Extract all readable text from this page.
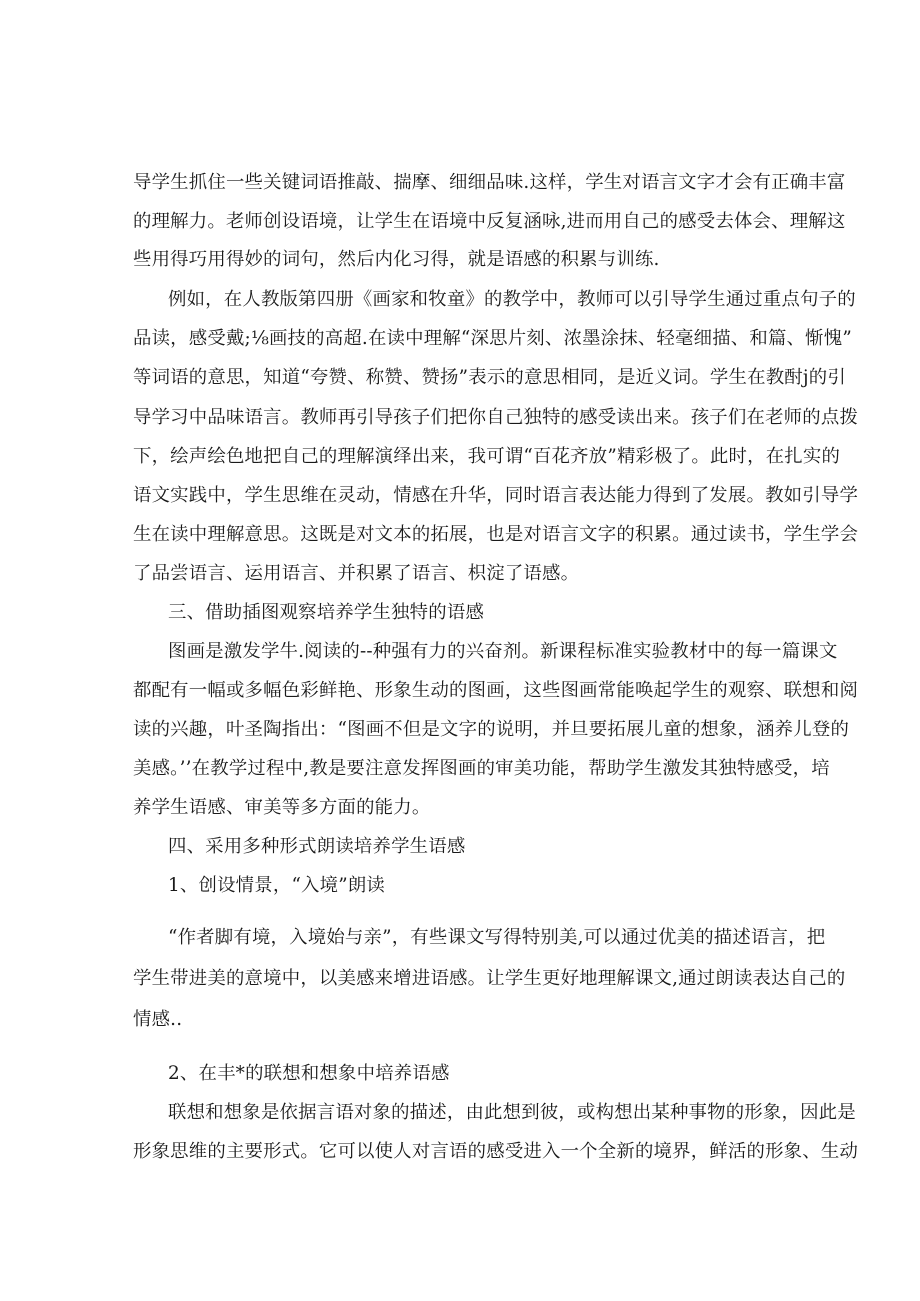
导学生抓住一些关键词语推敲、揣摩、细细品味.这样，学生对语言文字才会有正确丰富
的理解力。老师创设语境，让学生在语境中反复涵咏,进而用自己的感受去体会、理解这
些用得巧用得妙的词句，然后内化习得，就是语感的积累与训练.
例如，在人教版第四册《画家和牧童》的教学中，教师可以引导学生通过重点句子的
品读，感受戴;⅛画技的高超.在读中理解“深思片刻、浓墨涂抹、轻毫细描、和篇、惭愧”
等词语的意思，知道“夸赞、称赞、赞扬”表示的意思相同，是近义词。学生在教酎j的引
导学习中品味语言。教师再引导孩子们把你自己独特的感受读出来。孩子们在老师的点拨
下，绘声绘色地把自己的理解演绎出来，我可谓“百花齐放”精彩极了。此时，在扎实的
语文实践中，学生思维在灵动，情感在升华，同时语言表达能力得到了发展。教如引导学
生在读中理解意思。这既是对文本的拓展，也是对语言文字的积累。通过读书，学生学会
了品尝语言、运用语言、并积累了语言、枳淀了语感。
三、借助插图观察培养学生独特的语感
图画是激发学牛.阅读的--种强有力的兴奋剂。新课程标准实验教材中的每一篇课文
都配有一幅或多幅色彩鲜艳、形象生动的图画，这些图画常能唤起学生的观察、联想和阅
读的兴趣，叶圣陶指出：“图画不但是文字的说明，并旦要拓展儿童的想象，涵养儿登的
美感。’’在教学过程中,教是要注意发挥图画的审美功能，帮助学生激发其独特感受，培
养学生语感、审美等多方面的能力。
四、采用多种形式朗读培养学生语感
1、创设情景，“入境”朗读
“作者脚有境，入境始与亲”，有些课文写得特别美,可以通过优美的描述语言，把
学生带进美的意境中，以美感来增进语感。让学生更好地理解课文,通过朗读表达自己的
情感..
2、在丰*的联想和想象中培养语感
联想和想象是依据言语对象的描述，由此想到彼，或构想出某种事物的形象，因此是
形象思维的主要形式。它可以使人对言语的感受进入一个全新的境界，鲜活的形象、生动
